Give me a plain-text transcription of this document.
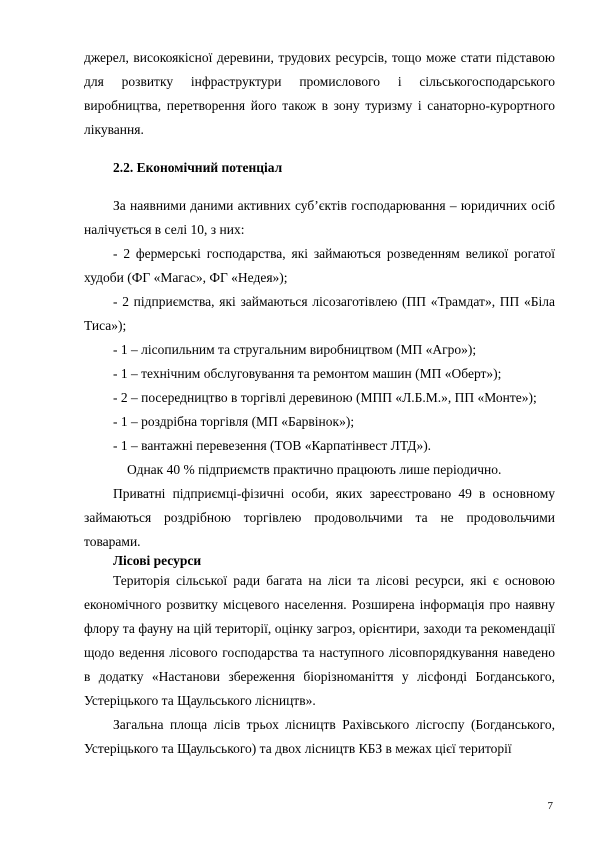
джерел, високоякісної деревини, трудових ресурсів, тощо може стати підставою для розвитку інфраструктури промислового і сільськогосподарського виробництва, перетворення його також в зону туризму і санаторно-курортного лікування.

2.2. Економічний потенціал

За наявними даними активних суб’єктів господарювання – юридичних осіб налічується в селі 10, з них:

- 2 фермерські господарства, які займаються розведенням великої рогатої худоби (ФГ «Магас», ФГ «Недея»);

- 2 підприємства, які займаються лісозаготівлею (ПП «Трамдат», ПП «Біла Тиса»);

- 1 – лісопильним та стругальним виробництвом (МП «Агро»);

- 1 – технічним обслуговування та ремонтом машин (МП «Оберт»);

- 2 – посередництво в торгівлі деревиною (МПП «Л.Б.М.», ПП «Монте»);

- 1 – роздрібна торгівля (МП «Барвінок»);

- 1 – вантажні перевезення (ТОВ «Карпатінвест ЛТД»).

Однак 40 % підприємств практично працюють лише періодично.

Приватні підприємці-фізичні особи, яких зареєстровано 49 в основному займаються роздрібною торгівлею продовольчими та не продовольчими товарами.

Лісові ресурси

Територія сільської ради багата на ліси та лісові ресурси, які є основою економічного розвитку місцевого населення. Розширена інформація про наявну флору та фауну на цій території, оцінку загроз, орієнтири, заходи та рекомендації щодо ведення лісового господарства та наступного лісовпорядкування наведено в додатку «Настанови збереження біорізноманіття у лісфонді Богданського, Устеріцького та Щаульського лісництв».

Загальна площа лісів трьох лісництв Рахівського лісгоспу (Богданського, Устеріцького та Щаульського) та двох лісництв КБЗ в межах цієї території

7
